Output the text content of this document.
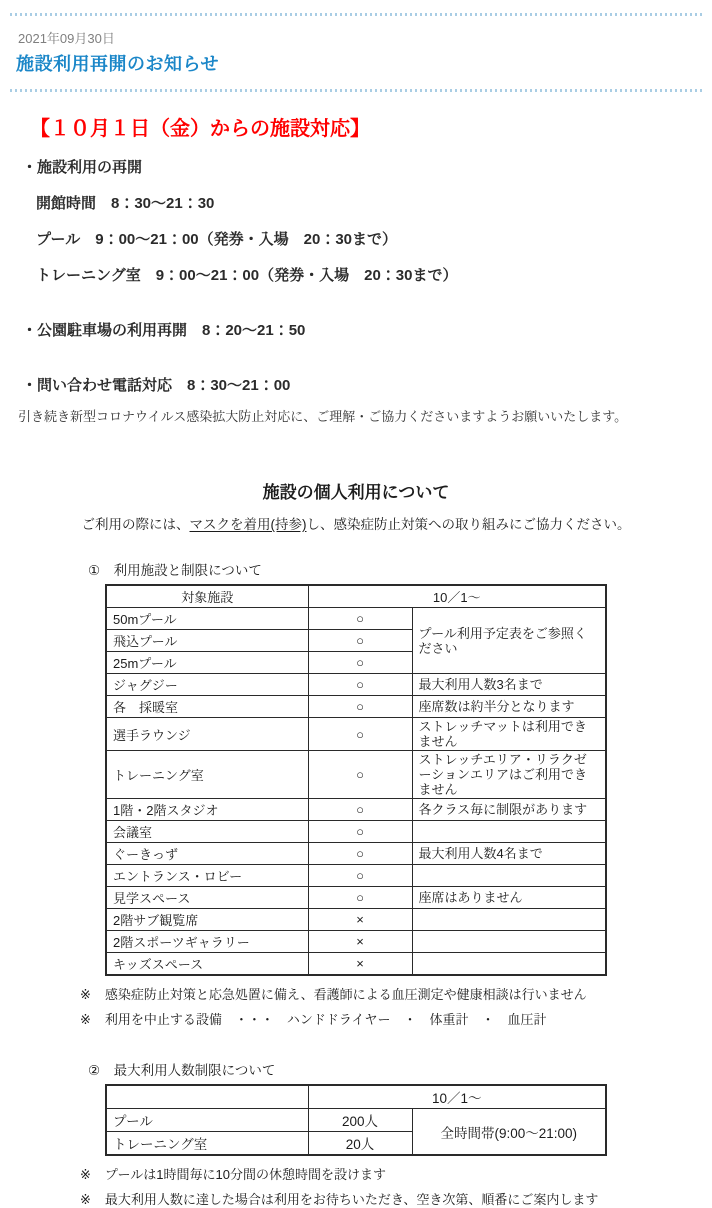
2021年09月30日
施設利用再開のお知らせ
【１０月１日（金）からの施設対応】
・施設利用の再開
開館時間　8：30〜21：30
プール　9：00〜21：00（発券・入場　20：30まで）
トレーニング室　9：00〜21：00（発券・入場　20：30まで）
・公園駐車場の利用再開　8：20〜21：50
・問い合わせ電話対応　8：30〜21：00

引き続き新型コロナウイルス感染拡大防止対応に、ご理解・ご協力くださいますようお願いいたします。

施設の個人利用について
ご利用の際には、マスクを着用(持参)し、感染症防止対策への取り組みにご協力ください。
①　利用施設と制限について
対象施設	10／1〜	
50mプール	○	プール利用予定表をご参照ください
飛込プール	○	
25mプール	○	
ジャグジー	○	最大利用人数3名まで
各　採暖室	○	座席数は約半分となります
選手ラウンジ	○	ストレッチマットは利用できません
トレーニング室	○	ストレッチエリア・リラクゼーションエリアはご利用できません
1階・2階スタジオ	○	各クラス毎に制限があります
会議室	○	
ぐーきっず	○	最大利用人数4名まで
エントランス・ロビー	○	
見学スペース	○	座席はありません
2階サブ観覧席	×	
2階スポーツギャラリー	×	
キッズスペース	×	
※ 感染症防止対策と応急処置に備え、看護師による血圧測定や健康相談は行いません
※ 利用を中止する設備　・・・　ハンドドライヤー　・　体重計　・　血圧計
②　最大利用人数制限について
	10／1〜	
プール	200人	全時間帯(9:00〜21:00)
トレーニング室	20人	
※ プールは1時間毎に10分間の休憩時間を設けます
※ 最大利用人数に達した場合は利用をお待ちいただき、空き次第、順番にご案内します
